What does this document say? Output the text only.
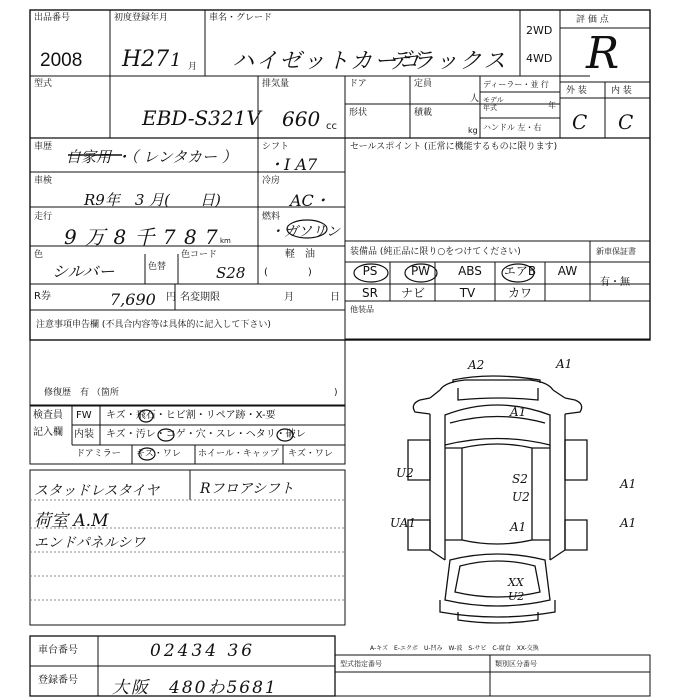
出品番号
2008
初度登録年月
H27 1 月
車名・グレード
ハイゼットカーゴ
デラックス
2WD
4WD
評 価 点
R
型式
EBD-S321V
排気量
660 cc
ドア	定員
人
形状	積載
kg
ディーラー・並 行
モデル
年式	年
ハンドル 左・右
外 装	内 装
C C
車歴
自家用 ・（ レンタカー ）
シフト
・I A7
車検
R9年　3 月(　　日)
冷房
AC・
走行
9 万 8 千 7 8 7 km
燃料
・ガソリン
色
シルバー	色替
色コード
S28
軽　油
(　　　　)
R券	7,690 円 名変期限	月	日
注意事項申告欄 (不具合内容等は具体的に記入して下さい)
修復歴　有 （箇所	)
セールスポイント (正常に機能するものに限ります)
装備品 (純正品に限り○をつけてください)	新車保証書
有・無
PS	PW	ABS	エアB	AW
SR	ナビ	TV	カワ
他装品
検査員
記入欄
FW キズ・飛石・ヒビ割・リペア跡・X-要
内装 キズ・汚レ・コゲ・穴・スレ・ヘタリ・破レ
ドアミラー キズ・ワレ ホイール・キャップ キズ・ワレ
スタッドレスタイヤ	Rフロアシフト
荷室 A.M
エンドパネルシワ
A2	A1
A1
U2	S2
U2
A1
UA1	A1	A1
XX
U2
車台番号	02434 36
登録番号 大阪　480わ5681
A-キズ　E-エクボ　U-凹み　W-波　S-サビ　C-腐食　XX-交換
型式指定番号	類別区分番号
